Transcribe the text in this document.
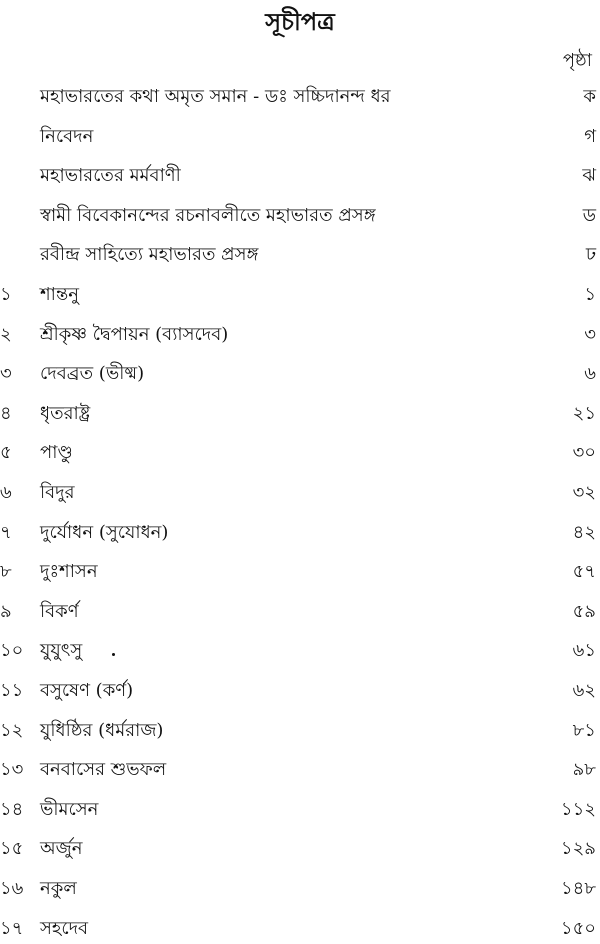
সূচীপত্র
পৃষ্ঠা
মহাভারতের কথা অমৃত সমান - ডঃ সচ্চিদানন্দ ধর	ক
নিবেদন	গ
মহাভারতের মর্মবাণী	ঝ
স্বামী বিবেকানন্দের রচনাবলীতে মহাভারত প্রসঙ্গ	ড
রবীন্দ্র সাহিত্যে মহাভারত প্রসঙ্গ	ঢ
১	শান্তনু	১
২	শ্রীকৃষ্ণ দ্বৈপায়ন (ব্যাসদেব)	৩
৩	দেবব্রত (ভীষ্ম)	৬
৪	ধৃতরাষ্ট্র	২১
৫	পাণ্ডু	৩০
৬	বিদুর	৩২
৭	দুর্যোধন (সুযোধন)	৪২
৮	দুঃশাসন	৫৭
৯	বিকর্ণ	৫৯
১০ যুযুৎসু	৬১
১১ বসুষেণ (কর্ণ)	৬২
১২ যুধিষ্ঠির (ধর্মরাজ)	৮১
১৩ বনবাসের শুভফল	৯৮
১৪ ভীমসেন	১১২
১৫ অর্জুন	১২৯
১৬ নকুল	১৪৮
১৭ সহদেব	১৫০
